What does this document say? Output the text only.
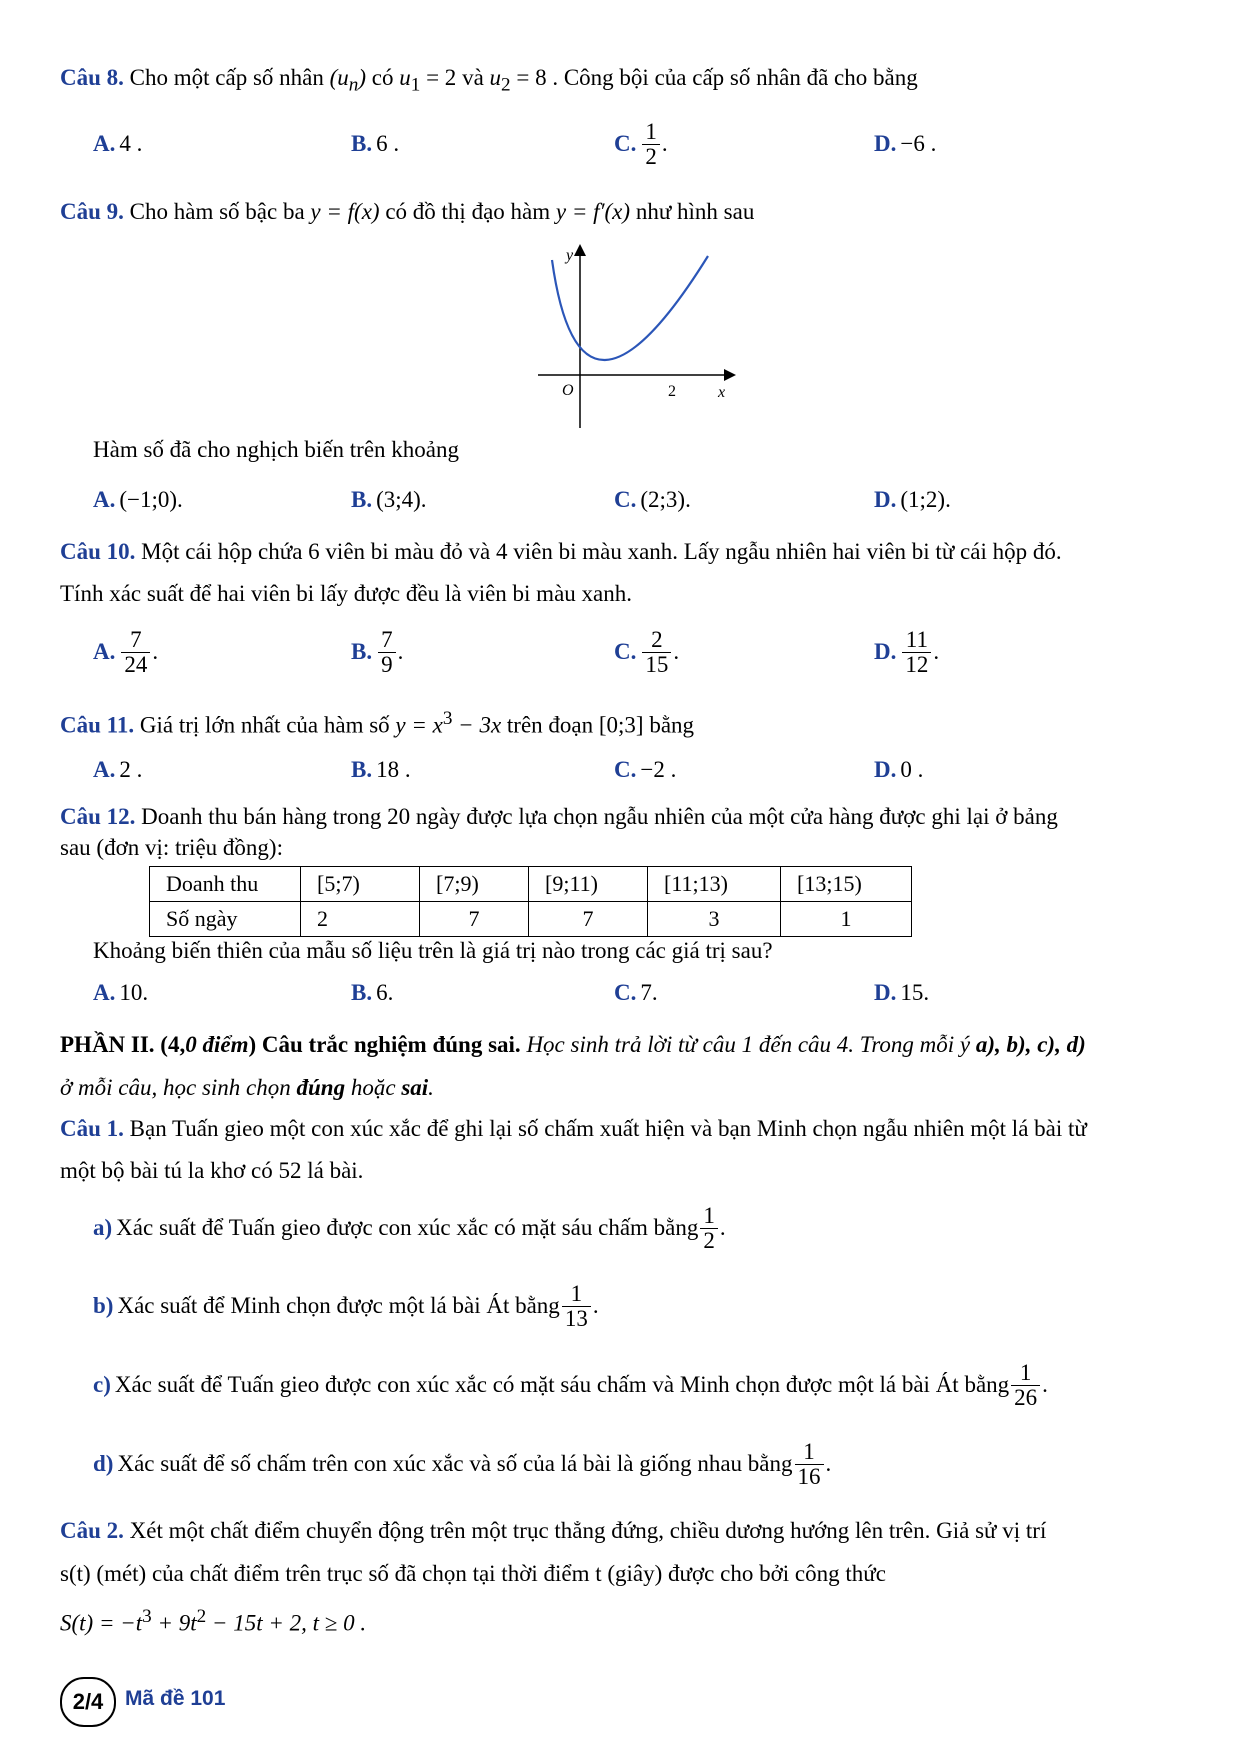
Câu 8. Cho một cấp số nhân $(u_n)$ có $u_1 = 2$ và $u_2 = 8$ . Công bội của cấp số nhân đã cho bằng
A. 4 .	B. 6 .	C. $\frac{1}{2}$ .	D. −6 .
Câu 9. Cho hàm số bậc ba y = f(x) có đồ thị đạo hàm y = f′(x) như hình sau
y
x
O	2
Hàm số đã cho nghịch biến trên khoảng
A. (−1;0).	B. (3;4).	C. (2;3).	D. (1;2).
Câu 10. Một cái hộp chứa 6 viên bi màu đỏ và 4 viên bi màu xanh. Lấy ngẫu nhiên hai viên bi từ cái hộp đó.
Tính xác suất để hai viên bi lấy được đều là viên bi màu xanh.
A. $\frac{7}{24}$ .	B. $\frac{7}{9}$ .	C. $\frac{2}{15}$ .	D. $\frac{11}{12}$ .
Câu 11. Giá trị lớn nhất của hàm số $y = x^3 - 3x$ trên đoạn [0;3] bằng
A. 2 .	B. 18 .	C. −2 .	D. 0 .
Câu 12. Doanh thu bán hàng trong 20 ngày được lựa chọn ngẫu nhiên của một cửa hàng được ghi lại ở bảng
sau (đơn vị: triệu đồng):
Doanh thu	[5;7)	[7;9)	[9;11)	[11;13)	[13;15)
Số ngày	2	7	7	3	1
Khoảng biến thiên của mẫu số liệu trên là giá trị nào trong các giá trị sau?
A. 10.	B. 6.	C. 7.	D. 15.
PHẦN II. (4,0 điểm) Câu trắc nghiệm đúng sai. Học sinh trả lời từ câu 1 đến câu 4. Trong mỗi ý a), b), c), d)
ở mỗi câu, học sinh chọn đúng hoặc sai.
Câu 1. Bạn Tuấn gieo một con xúc xắc để ghi lại số chấm xuất hiện và bạn Minh chọn ngẫu nhiên một lá bài từ
một bộ bài tú la khơ có 52 lá bài.
a) Xác suất để Tuấn gieo được con xúc xắc có mặt sáu chấm bằng $\frac{1}{2}$ .
b) Xác suất để Minh chọn được một lá bài Át bằng $\frac{1}{13}$ .
c) Xác suất để Tuấn gieo được con xúc xắc có mặt sáu chấm và Minh chọn được một lá bài Át bằng $\frac{1}{26}$ .
d) Xác suất để số chấm trên con xúc xắc và số của lá bài là giống nhau bằng $\frac{1}{16}$ .
Câu 2. Xét một chất điểm chuyển động trên một trục thẳng đứng, chiều dương hướng lên trên. Giả sử vị trí
s(t) (mét) của chất điểm trên trục số đã chọn tại thời điểm t (giây) được cho bởi công thức
$S(t) = -t^3 + 9t^2 - 15t + 2$, t ≥ 0 .
2/4	Mã đề 101
